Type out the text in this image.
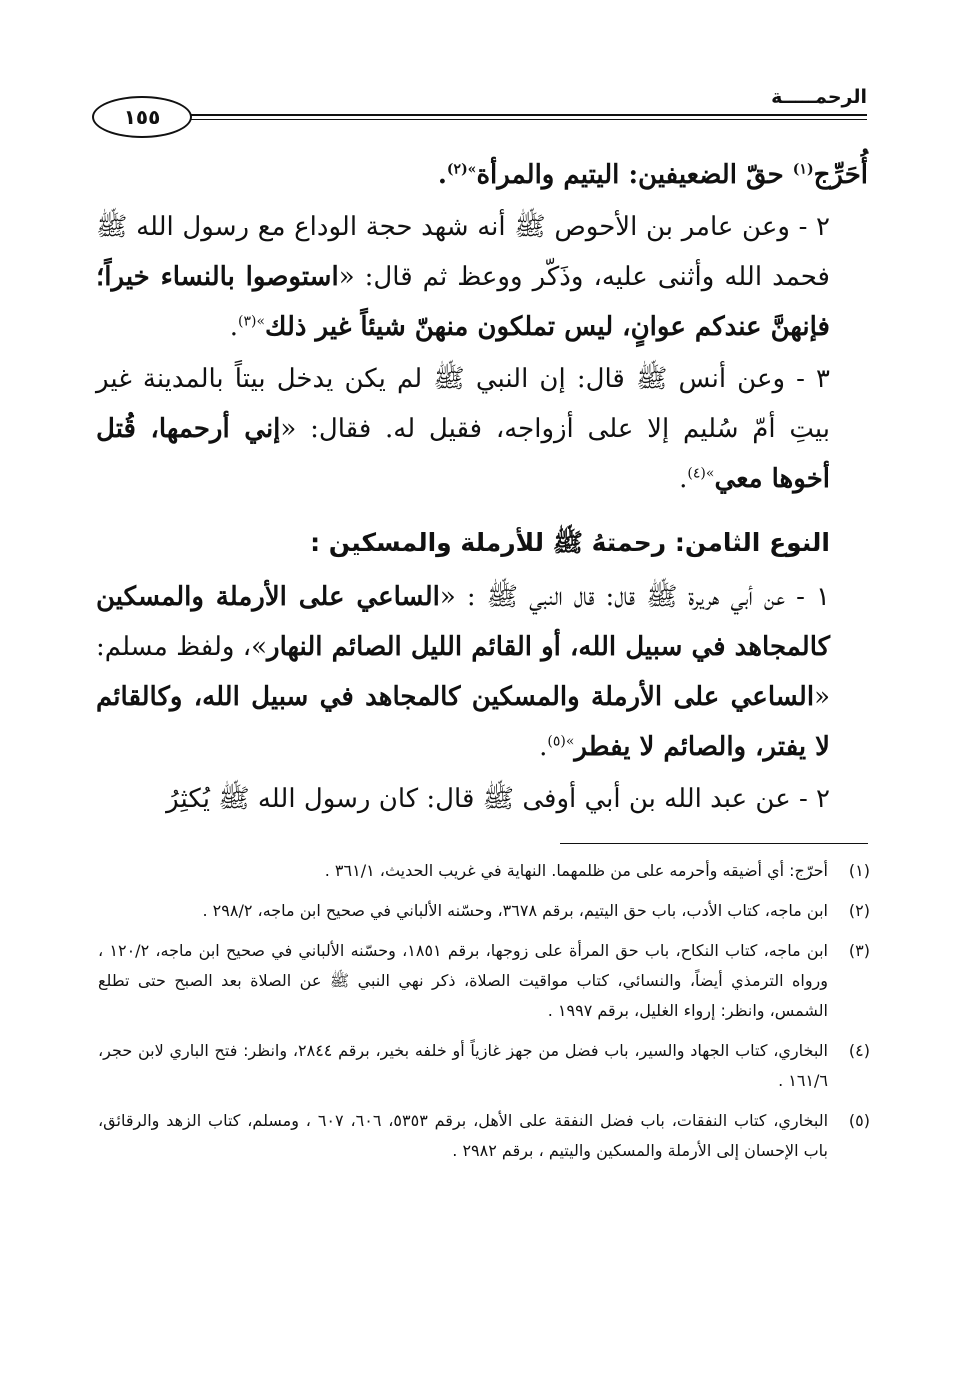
الرحمـــــة
١٥٥

أُحَرِّج$^{(١)}$ حقّ الضعيفين: اليتيم والمرأة$^{»(٢)}$.

٢ - وعن عامر بن الأحوص ﷺ أنه شهد حجة الوداع مع رسول الله ﷺ فحمد الله وأثنى عليه، وذَكّر ووعظ ثم قال: «استوصوا بالنساء خيراً؛ فإنهنَّ عندكم عوانٍ، ليس تملكون منهنّ شيئاً غير ذلك$^{»(٣)}$.

٣ - وعن أنس ﷺ قال: إن النبي ﷺ لم يكن يدخل بيتاً بالمدينة غير بيتِ أمّ سُليم إلا على أزواجه، فقيل له. فقال: «إني أرحمها، قُتل أخوها معي$^{»(٤)}$.

النوع الثامن: رحمتهُ ﷺ للأرملة والمسكين :

١ - عن أبي هريرة ﷺ قال: قال النبي ﷺ : «الساعي على الأرملة والمسكين كالمجاهد في سبيل الله، أو القائم الليل الصائم النهار»، ولفظ مسلم: «الساعي على الأرملة والمسكين كالمجاهد في سبيل الله، وكالقائم لا يفتر، والصائم لا يفطر$^{»(٥)}$.

٢ - عن عبد الله بن أبي أوفى ﷺ قال: كان رسول الله ﷺ يُكثِرُ

(١)
أحرّج: أي أضيقه وأحرمه على من ظلمهما. النهاية في غريب الحديث، ٣٦١/١ .
(٢)
ابن ماجه، كتاب الأدب، باب حق اليتيم، برقم ٣٦٧٨، وحسّنه الألباني في صحيح ابن ماجه، ٢٩٨/٢ .
(٣)
ابن ماجه، كتاب النكاح، باب حق المرأة على زوجها، برقم ١٨٥١، وحسّنه الألباني في صحيح ابن ماجه، ١٢٠/٢ ، ورواه الترمذي أيضاً، والنسائي، كتاب مواقيت الصلاة، ذكر نهي النبي ﷺ عن الصلاة بعد الصبح حتى تطلع الشمس، وانظر: إرواء الغليل، برقم ١٩٩٧ .
(٤)
البخاري، كتاب الجهاد والسير، باب فضل من جهز غازياً أو خلفه بخير، برقم ٢٨٤٤، وانظر: فتح الباري لابن حجر، ١٦١/٦ .
(٥)
البخاري، كتاب النفقات، باب فضل النفقة على الأهل، برقم ٥٣٥٣، ٦٠٦، ٦٠٧ ، ومسلم، كتاب الزهد والرقائق، باب الإحسان إلى الأرملة والمسكين واليتيم ، برقم ٢٩٨٢ .
